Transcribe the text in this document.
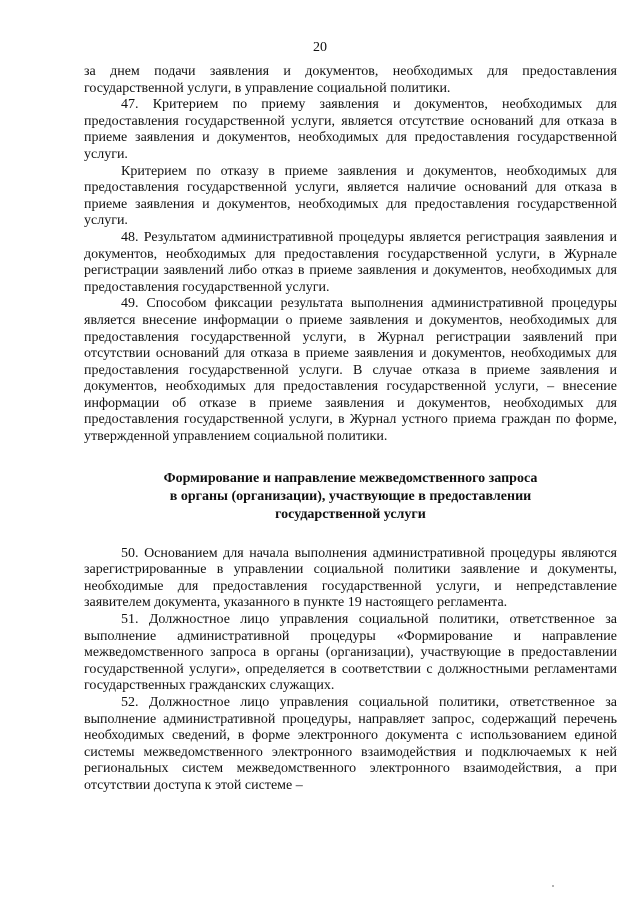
20

за днем подачи заявления и документов, необходимых для предоставления государственной услуги, в управление социальной политики.

47. Критерием по приему заявления и документов, необходимых для предоставления государственной услуги, является отсутствие оснований для отказа в приеме заявления и документов, необходимых для предоставления государственной услуги.

Критерием по отказу в приеме заявления и документов, необходимых для предоставления государственной услуги, является наличие оснований для отказа в приеме заявления и документов, необходимых для предоставления государственной услуги.

48. Результатом административной процедуры является регистрация заявления и документов, необходимых для предоставления государственной услуги, в Журнале регистрации заявлений либо отказ в приеме заявления и документов, необходимых для предоставления государственной услуги.

49. Способом фиксации результата выполнения административной процедуры является внесение информации о приеме заявления и документов, необходимых для предоставления государственной услуги, в Журнал регистрации заявлений при отсутствии оснований для отказа в приеме заявления и документов, необходимых для предоставления государственной услуги. В случае отказа в приеме заявления и документов, необходимых для предоставления государственной услуги, – внесение информации об отказе в приеме заявления и документов, необходимых для предоставления государственной услуги, в Журнал устного приема граждан по форме, утвержденной управлением социальной политики.

Формирование и направление межведомственного запроса
в органы (организации), участвующие в предоставлении
государственной услуги

50. Основанием для начала выполнения административной процедуры являются зарегистрированные в управлении социальной политики заявление и документы, необходимые для предоставления государственной услуги, и непредставление заявителем документа, указанного в пункте 19 настоящего регламента.

51. Должностное лицо управления социальной политики, ответственное за выполнение административной процедуры «Формирование и направление межведомственного запроса в органы (организации), участвующие в предоставлении государственной услуги», определяется в соответствии с должностными регламентами государственных гражданских служащих.

52. Должностное лицо управления социальной политики, ответственное за выполнение административной процедуры, направляет запрос, содержащий перечень необходимых сведений, в форме электронного документа с использованием единой системы межведомственного электронного взаимодействия и подключаемых к ней региональных систем межведомственного электронного взаимодействия, а при отсутствии доступа к этой системе –
